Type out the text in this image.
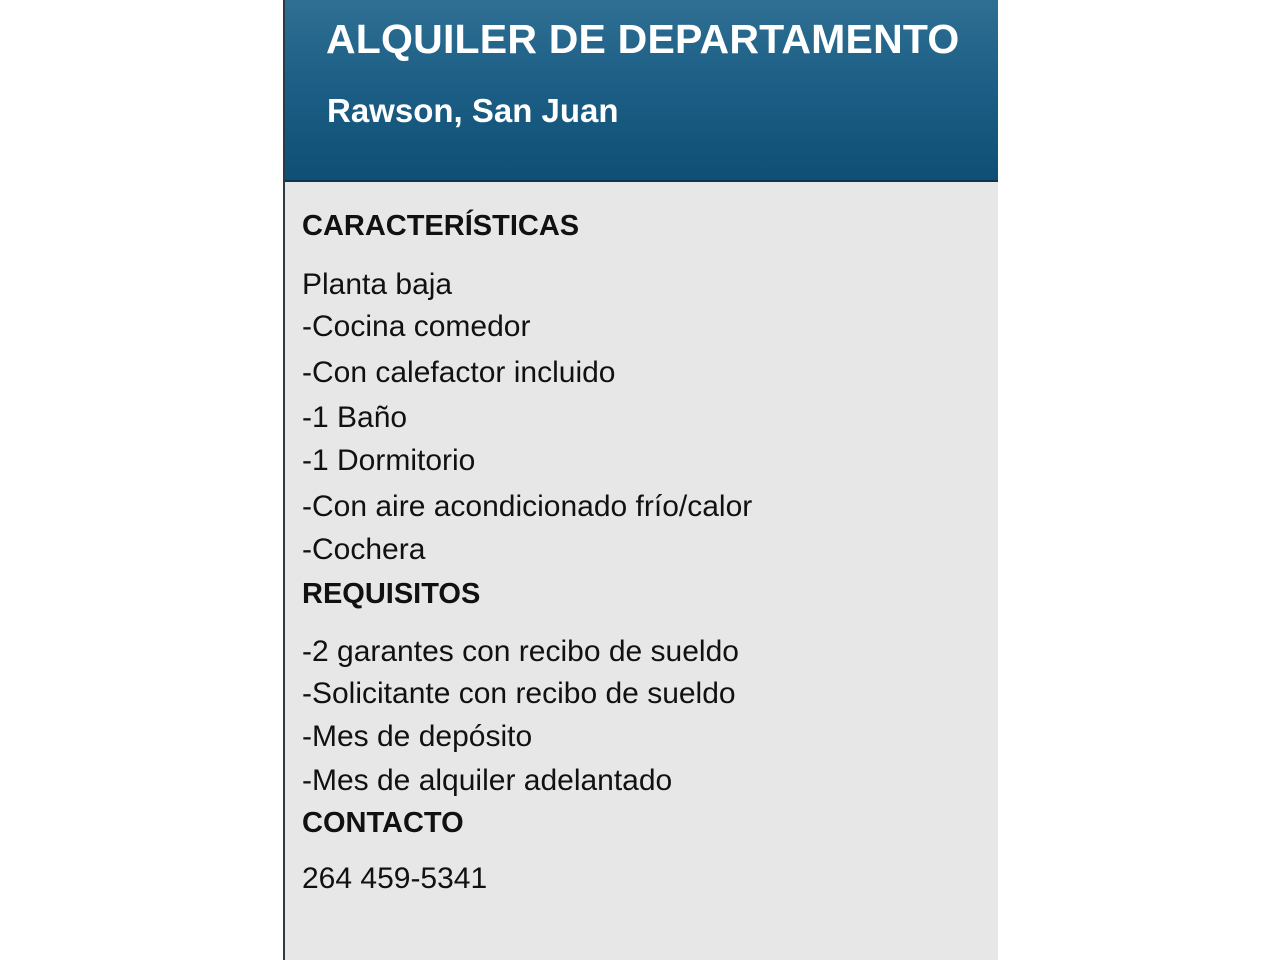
ALQUILER DE DEPARTAMENTO
Rawson, San Juan
CARACTERÍSTICAS

Planta baja

-Cocina comedor

-Con calefactor incluido

-1 Baño

-1 Dormitorio

-Con aire acondicionado frío/calor

-Cochera

REQUISITOS

-2 garantes con recibo de sueldo

-Solicitante con recibo de sueldo

-Mes de depósito

-Mes de alquiler adelantado

CONTACTO

264 459-5341
